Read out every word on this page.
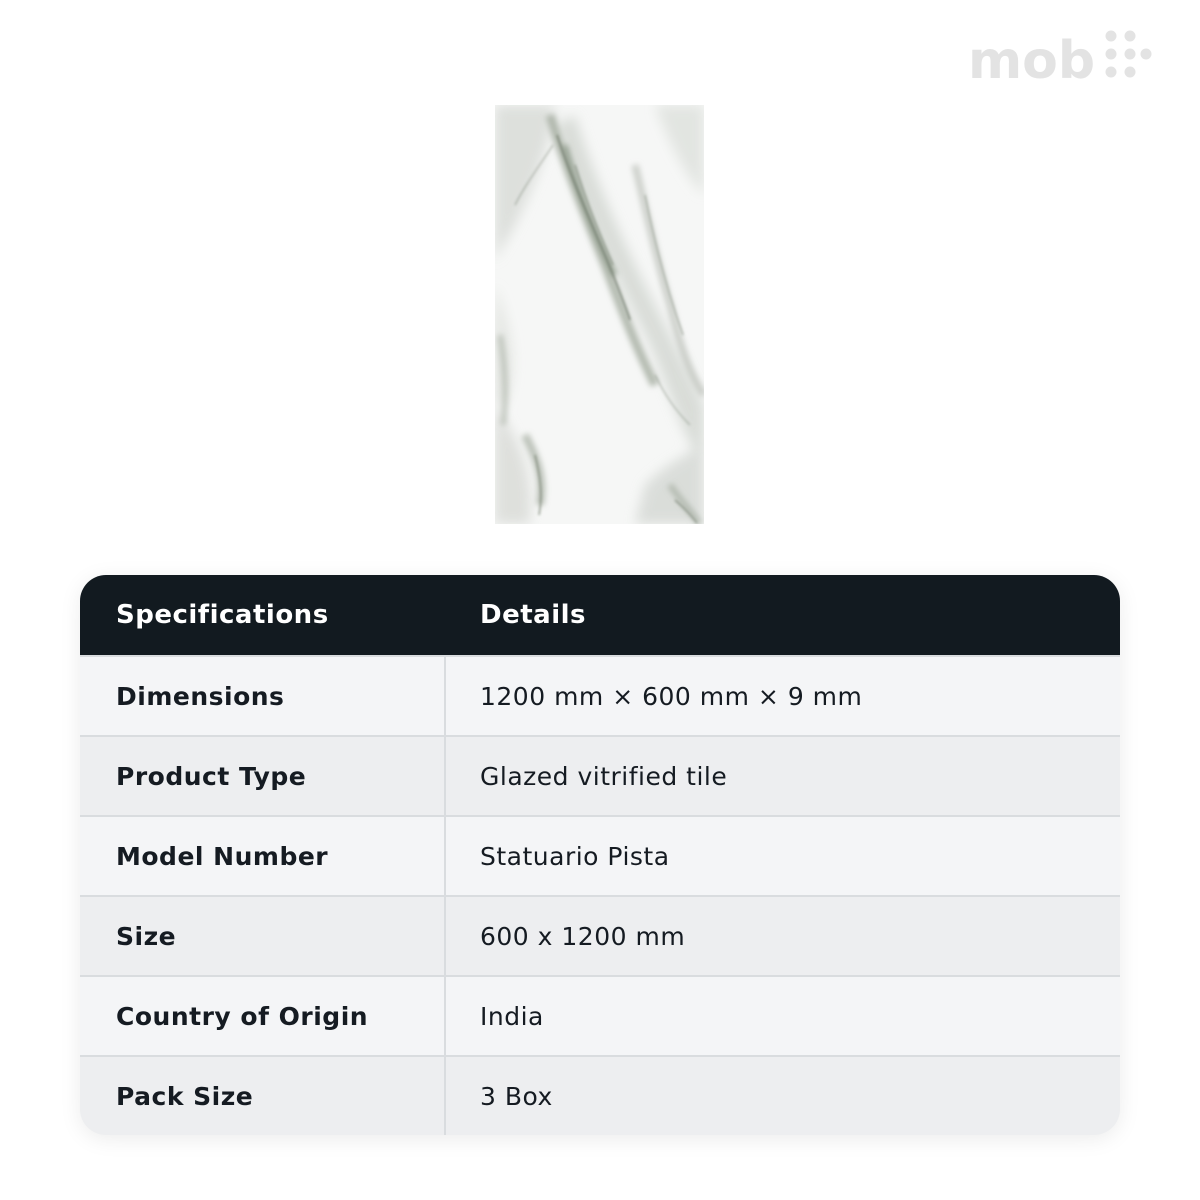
mob
Specifications	Details
Dimensions	1200 mm × 600 mm × 9 mm
Product Type	Glazed vitrified tile
Model Number	Statuario Pista
Size	600 x 1200 mm
Country of Origin	India
Pack Size	3 Box
